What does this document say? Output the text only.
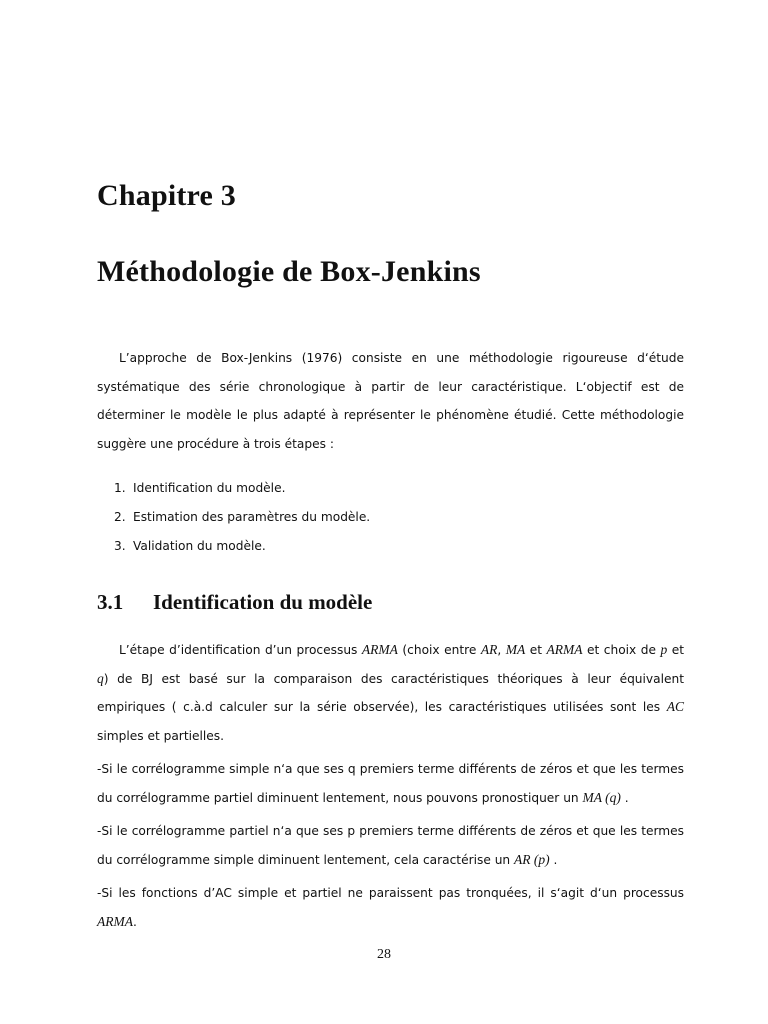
Chapitre 3
Méthodologie de Box-Jenkins

L’approche de Box-Jenkins (1976) consiste en une méthodologie rigoureuse d‘étude systématique des série chronologique à partir de leur caractéristique. L‘objectif est de déterminer le modèle le plus adapté à représenter le phénomène étudié. Cette méthodologie suggère une procédure à trois étapes :

1. Identification du modèle.
2. Estimation des paramètres du modèle.
3. Validation du modèle.
3.1 Identification du modèle

L’étape d’identification d’un processus ARMA (choix entre AR, MA et ARMA et choix de p et q) de BJ est basé sur la comparaison des caractéristiques théoriques à leur équivalent empiriques ( c.à.d calculer sur la série observée), les caractéristiques utilisées sont les AC simples et partielles.

-Si le corrélogramme simple n‘a que ses q premiers terme différents de zéros et que les termes du corrélogramme partiel diminuent lentement, nous pouvons pronostiquer un MA (q) .

-Si le corrélogramme partiel n‘a que ses p premiers terme différents de zéros et que les termes du corrélogramme simple diminuent lentement, cela caractérise un AR (p) .

-Si les fonctions d’AC simple et partiel ne paraissent pas tronquées, il s‘agit d‘un processus ARMA.

28
